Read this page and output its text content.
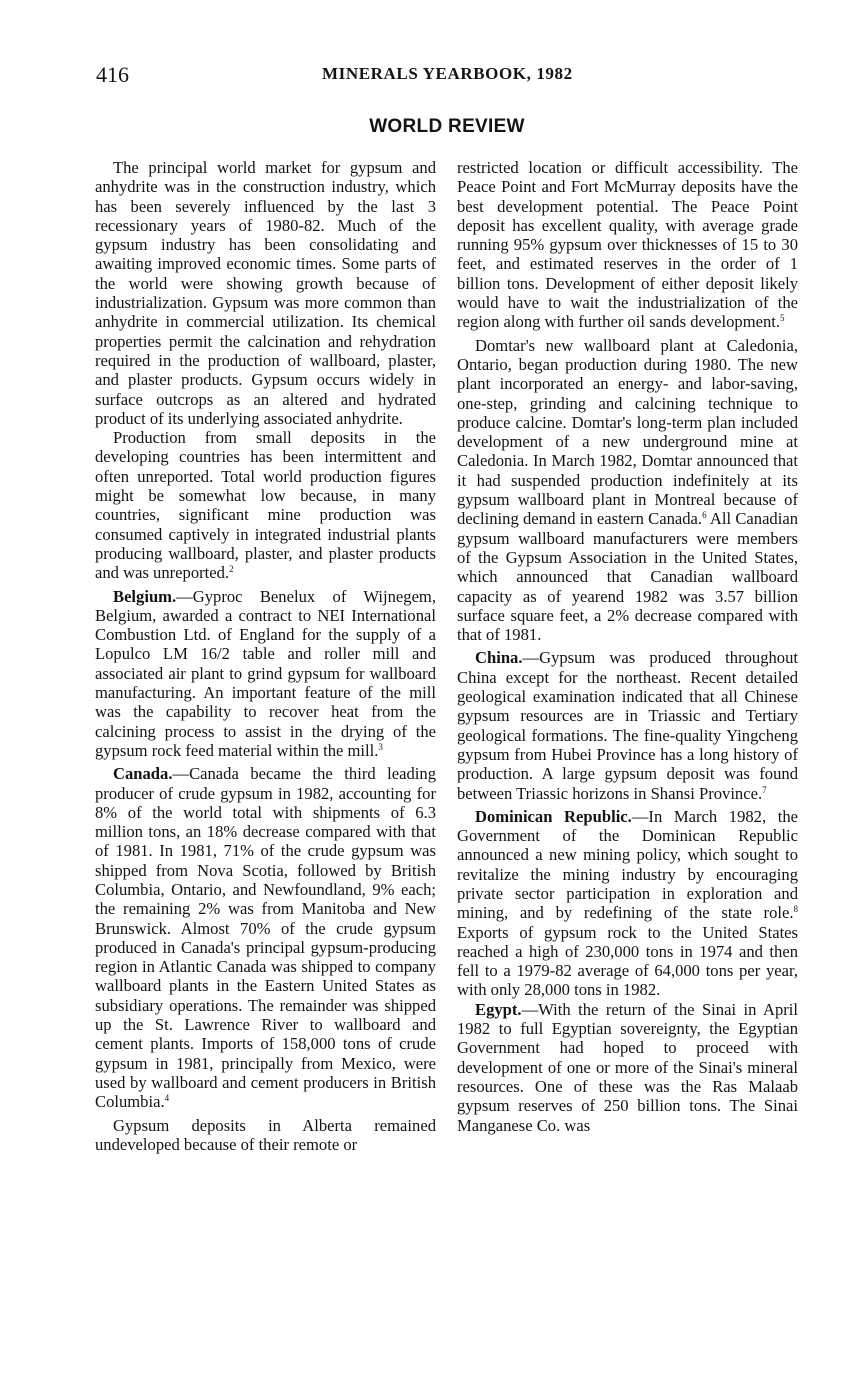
416	MINERALS YEARBOOK, 1982
WORLD REVIEW

The principal world market for gypsum and anhydrite was in the construction industry, which has been severely influenced by the last 3 recessionary years of 1980-82. Much of the gypsum industry has been consolidating and awaiting improved economic times. Some parts of the world were showing growth because of industrialization. Gypsum was more common than anhydrite in commercial utilization. Its chemical properties permit the calcination and rehydration required in the production of wallboard, plaster, and plaster products. Gypsum occurs widely in surface outcrops as an altered and hydrated product of its underlying associated anhydrite.

Production from small deposits in the developing countries has been intermittent and often unreported. Total world production figures might be somewhat low because, in many countries, significant mine production was consumed captively in integrated industrial plants producing wallboard, plaster, and plaster products and was unreported.$^2$

Belgium.—Gyproc Benelux of Wijnegem, Belgium, awarded a contract to NEI International Combustion Ltd. of England for the supply of a Lopulco LM 16/2 table and roller mill and associated air plant to grind gypsum for wallboard manufacturing. An important feature of the mill was the capability to recover heat from the calcining process to assist in the drying of the gypsum rock feed material within the mill.$^3$

Canada.—Canada became the third leading producer of crude gypsum in 1982, accounting for 8% of the world total with shipments of 6.3 million tons, an 18% decrease compared with that of 1981. In 1981, 71% of the crude gypsum was shipped from Nova Scotia, followed by British Columbia, Ontario, and Newfoundland, 9% each; the remaining 2% was from Manitoba and New Brunswick. Almost 70% of the crude gypsum produced in Canada's principal gypsum-producing region in Atlantic Canada was shipped to company wallboard plants in the Eastern United States as subsidiary operations. The remainder was shipped up the St. Lawrence River to wallboard and cement plants. Imports of 158,000 tons of crude gypsum in 1981, principally from Mexico, were used by wallboard and cement producers in British Columbia.$^4$

Gypsum deposits in Alberta remained undeveloped because of their remote or

restricted location or difficult accessibility. The Peace Point and Fort McMurray deposits have the best development potential. The Peace Point deposit has excellent quality, with average grade running 95% gypsum over thicknesses of 15 to 30 feet, and estimated reserves in the order of 1 billion tons. Development of either deposit likely would have to wait the industrialization of the region along with further oil sands development.$^5$

Domtar's new wallboard plant at Caledonia, Ontario, began production during 1980. The new plant incorporated an energy- and labor-saving, one-step, grinding and calcining technique to produce calcine. Domtar's long-term plan included development of a new underground mine at Caledonia. In March 1982, Domtar announced that it had suspended production indefinitely at its gypsum wallboard plant in Montreal because of declining demand in eastern Canada.$^6$ All Canadian gypsum wallboard manufacturers were members of the Gypsum Association in the United States, which announced that Canadian wallboard capacity as of yearend 1982 was 3.57 billion surface square feet, a 2% decrease compared with that of 1981.

China.—Gypsum was produced throughout China except for the northeast. Recent detailed geological examination indicated that all Chinese gypsum resources are in Triassic and Tertiary geological formations. The fine-quality Yingcheng gypsum from Hubei Province has a long history of production. A large gypsum deposit was found between Triassic horizons in Shansi Province.$^7$

Dominican Republic.—In March 1982, the Government of the Dominican Republic announced a new mining policy, which sought to revitalize the mining industry by encouraging private sector participation in exploration and mining, and by redefining of the state role.$^8$ Exports of gypsum rock to the United States reached a high of 230,000 tons in 1974 and then fell to a 1979-82 average of 64,000 tons per year, with only 28,000 tons in 1982.

Egypt.—With the return of the Sinai in April 1982 to full Egyptian sovereignty, the Egyptian Government had hoped to proceed with development of one or more of the Sinai's mineral resources. One of these was the Ras Malaab gypsum reserves of 250 billion tons. The Sinai Manganese Co. was
